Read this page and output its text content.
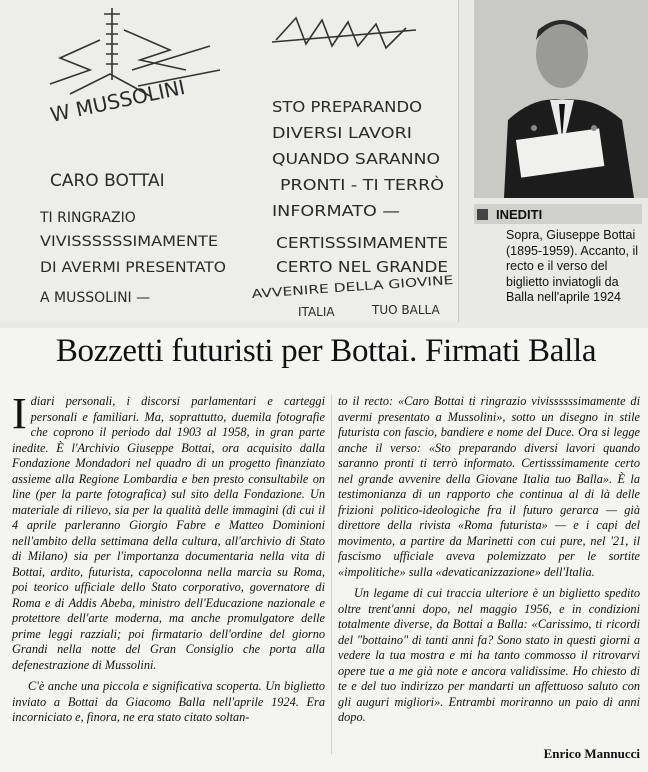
W MUSSOLINI
CARO BOTTAI
TI RINGRAZIO
VIVISSSSSSIMAMENTE
DI AVERMI PRESENTATO
A MUSSOLINI —
ITALIA
STO PREPARANDO
DIVERSI LAVORI
QUANDO SARANNO
PRONTI - TI TERRÒ
INFORMATO —
CERTISSSIMAMENTE
CERTO NEL GRANDE
AVVENIRE DELLA GIOVINE
ITALIA	TUO BALLA
INEDITI
Sopra, Giuseppe Bottai (1895-1959). Accanto, il recto e il verso del biglietto inviatogli da Balla nell'aprile 1924
Bozzetti futuristi per Bottai. Firmati Balla

I diari personali, i discorsi parlamentari e carteggi personali e familiari. Ma, soprattutto, duemila fotografie che coprono il periodo dal 1903 al 1958, in gran parte inedite. È l'Archivio Giuseppe Bottai, ora acquisito dalla Fondazione Mondadori nel quadro di un progetto finanziato assieme alla Regione Lombardia e ben presto consultabile on line (per la parte fotografica) sul sito della Fondazione. Un materiale di rilievo, sia per la qualità delle immagini (di cui il 4 aprile parleranno Giorgio Fabre e Matteo Dominioni nell'ambito della settimana della cultura, all'archivio di Stato di Milano) sia per l'importanza documentaria nella vita di Bottai, ardito, futurista, capocolonna nella marcia su Roma, poi teorico ufficiale dello Stato corporativo, governatore di Roma e di Addis Abeba, ministro dell'Educazione nazionale e protettore dell'arte moderna, ma anche promulgatore delle prime leggi razziali; poi firmatario dell'ordine del giorno Grandi nella notte del Gran Consiglio che porta alla defenestrazione di Mussolini.

C'è anche una piccola e significativa scoperta. Un biglietto inviato a Bottai da Giacomo Balla nell'aprile 1924. Era incorniciato e, finora, ne era stato citato soltan-

to il recto: «Caro Bottai ti ringrazio vivissssssimamente di avermi presentato a Mussolini», sotto un disegno in stile futurista con fascio, bandiere e nome del Duce. Ora si legge anche il verso: «Sto preparando diversi lavori quando saranno pronti ti terrò informato. Certisssimamente certo nel grande avvenire della Giovane Italia tuo Balla». È la testimonianza di un rapporto che continua al di là delle frizioni politico-ideologiche fra il futuro gerarca — già direttore della rivista «Roma futurista» — e i capi del movimento, a partire da Marinetti con cui pure, nel '21, il fascismo ufficiale aveva polemizzato per le sortite «impolitiche» sulla «devaticanizzazione» dell'Italia.

Un legame di cui traccia ulteriore è un biglietto spedito oltre trent'anni dopo, nel maggio 1956, e in condizioni totalmente diverse, da Bottai a Balla: «Carissimo, ti ricordi del "bottaino" di tanti anni fa? Sono stato in questi giorni a vedere la tua mostra e mi ha tanto commosso il ritrovarvi opere tue a me già note e ancora validissime. Ho chiesto di te e del tuo indirizzo per mandarti un affettuoso saluto con gli auguri migliori». Entrambi moriranno un paio di anni dopo.

Enrico Mannucci
